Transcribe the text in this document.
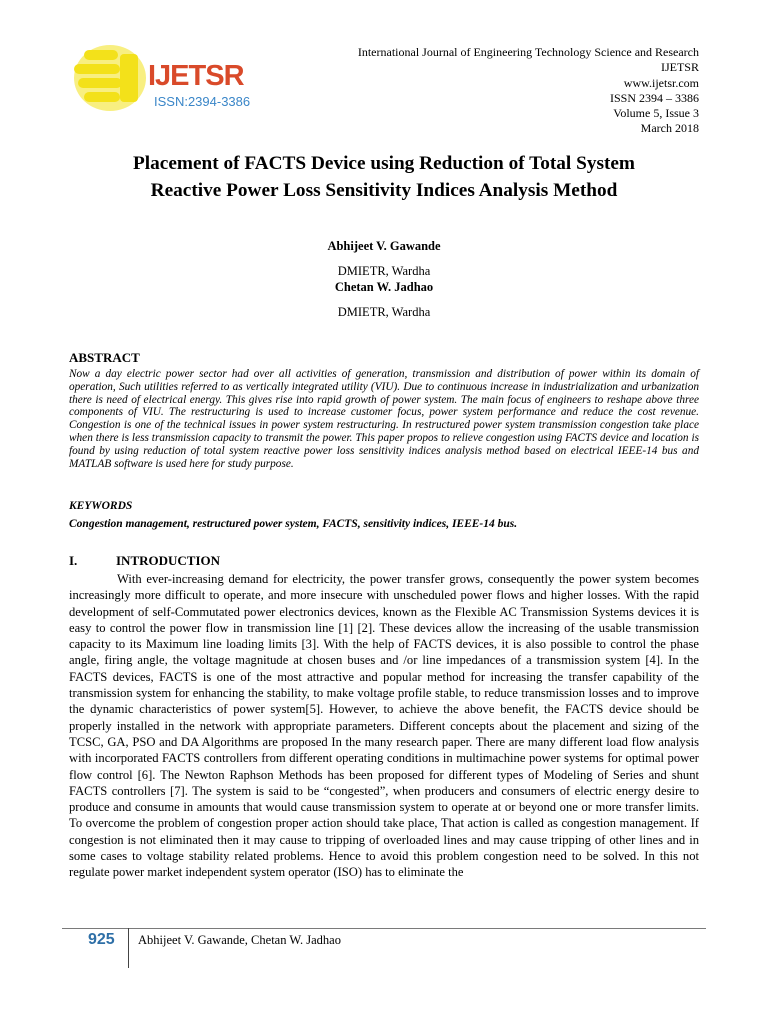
IJETSR
ISSN:2394-3386
International Journal of Engineering Technology Science and Research
IJETSR
www.ijetsr.com
ISSN 2394 – 3386
Volume 5, Issue 3
March 2018
Placement of FACTS Device using Reduction of Total System
Reactive Power Loss Sensitivity Indices Analysis Method
Abhijeet V. Gawande
DMIETR, Wardha
Chetan W. Jadhao
DMIETR, Wardha
ABSTRACT
Now a day electric power sector had over all activities of generation, transmission and distribution of power within its domain of operation, Such utilities referred to as vertically integrated utility (VIU). Due to continuous increase in industrialization and urbanization there is need of electrical energy. This gives rise into rapid growth of power system. The main focus of engineers to reshape above three components of VIU. The restructuring is used to increase customer focus, power system performance and reduce the cost revenue. Congestion is one of the technical issues in power system restructuring. In restructured power system transmission congestion take place when there is less transmission capacity to transmit the power. This paper propos to relieve congestion using FACTS device and location is found by using reduction of total system reactive power loss sensitivity indices analysis method based on electrical IEEE-14 bus and MATLAB software is used here for study purpose.
KEYWORDS
Congestion management, restructured power system, FACTS, sensitivity indices, IEEE-14 bus.
I.	INTRODUCTION
With ever-increasing demand for electricity, the power transfer grows, consequently the power system becomes increasingly more difficult to operate, and more insecure with unscheduled power flows and higher losses. With the rapid development of self-Commutated power electronics devices, known as the Flexible AC Transmission Systems devices it is easy to control the power flow in transmission line [1] [2]. These devices allow the increasing of the usable transmission capacity to its Maximum line loading limits [3]. With the help of FACTS devices, it is also possible to control the phase angle, firing angle, the voltage magnitude at chosen buses and /or line impedances of a transmission system [4]. In the FACTS devices, FACTS is one of the most attractive and popular method for increasing the transfer capability of the transmission system for enhancing the stability, to make voltage profile stable, to reduce transmission losses and to improve the dynamic characteristics of power system[5]. However, to achieve the above benefit, the FACTS device should be properly installed in the network with appropriate parameters. Different concepts about the placement and sizing of the TCSC, GA, PSO and DA Algorithms are proposed In the many research paper. There are many different load flow analysis with incorporated FACTS controllers from different operating conditions in multimachine power systems for optimal power flow control [6]. The Newton Raphson Methods has been proposed for different types of Modeling of Series and shunt FACTS controllers [7]. The system is said to be “congested”, when producers and consumers of electric energy desire to produce and consume in amounts that would cause transmission system to operate at or beyond one or more transfer limits. To overcome the problem of congestion proper action should take place, That action is called as congestion management. If congestion is not eliminated then it may cause to tripping of overloaded lines and may cause tripping of other lines and in some cases to voltage stability related problems. Hence to avoid this problem congestion need to be solved. In this not regulate power market independent system operator (ISO) has to eliminate the
925 Abhijeet V. Gawande, Chetan W. Jadhao
